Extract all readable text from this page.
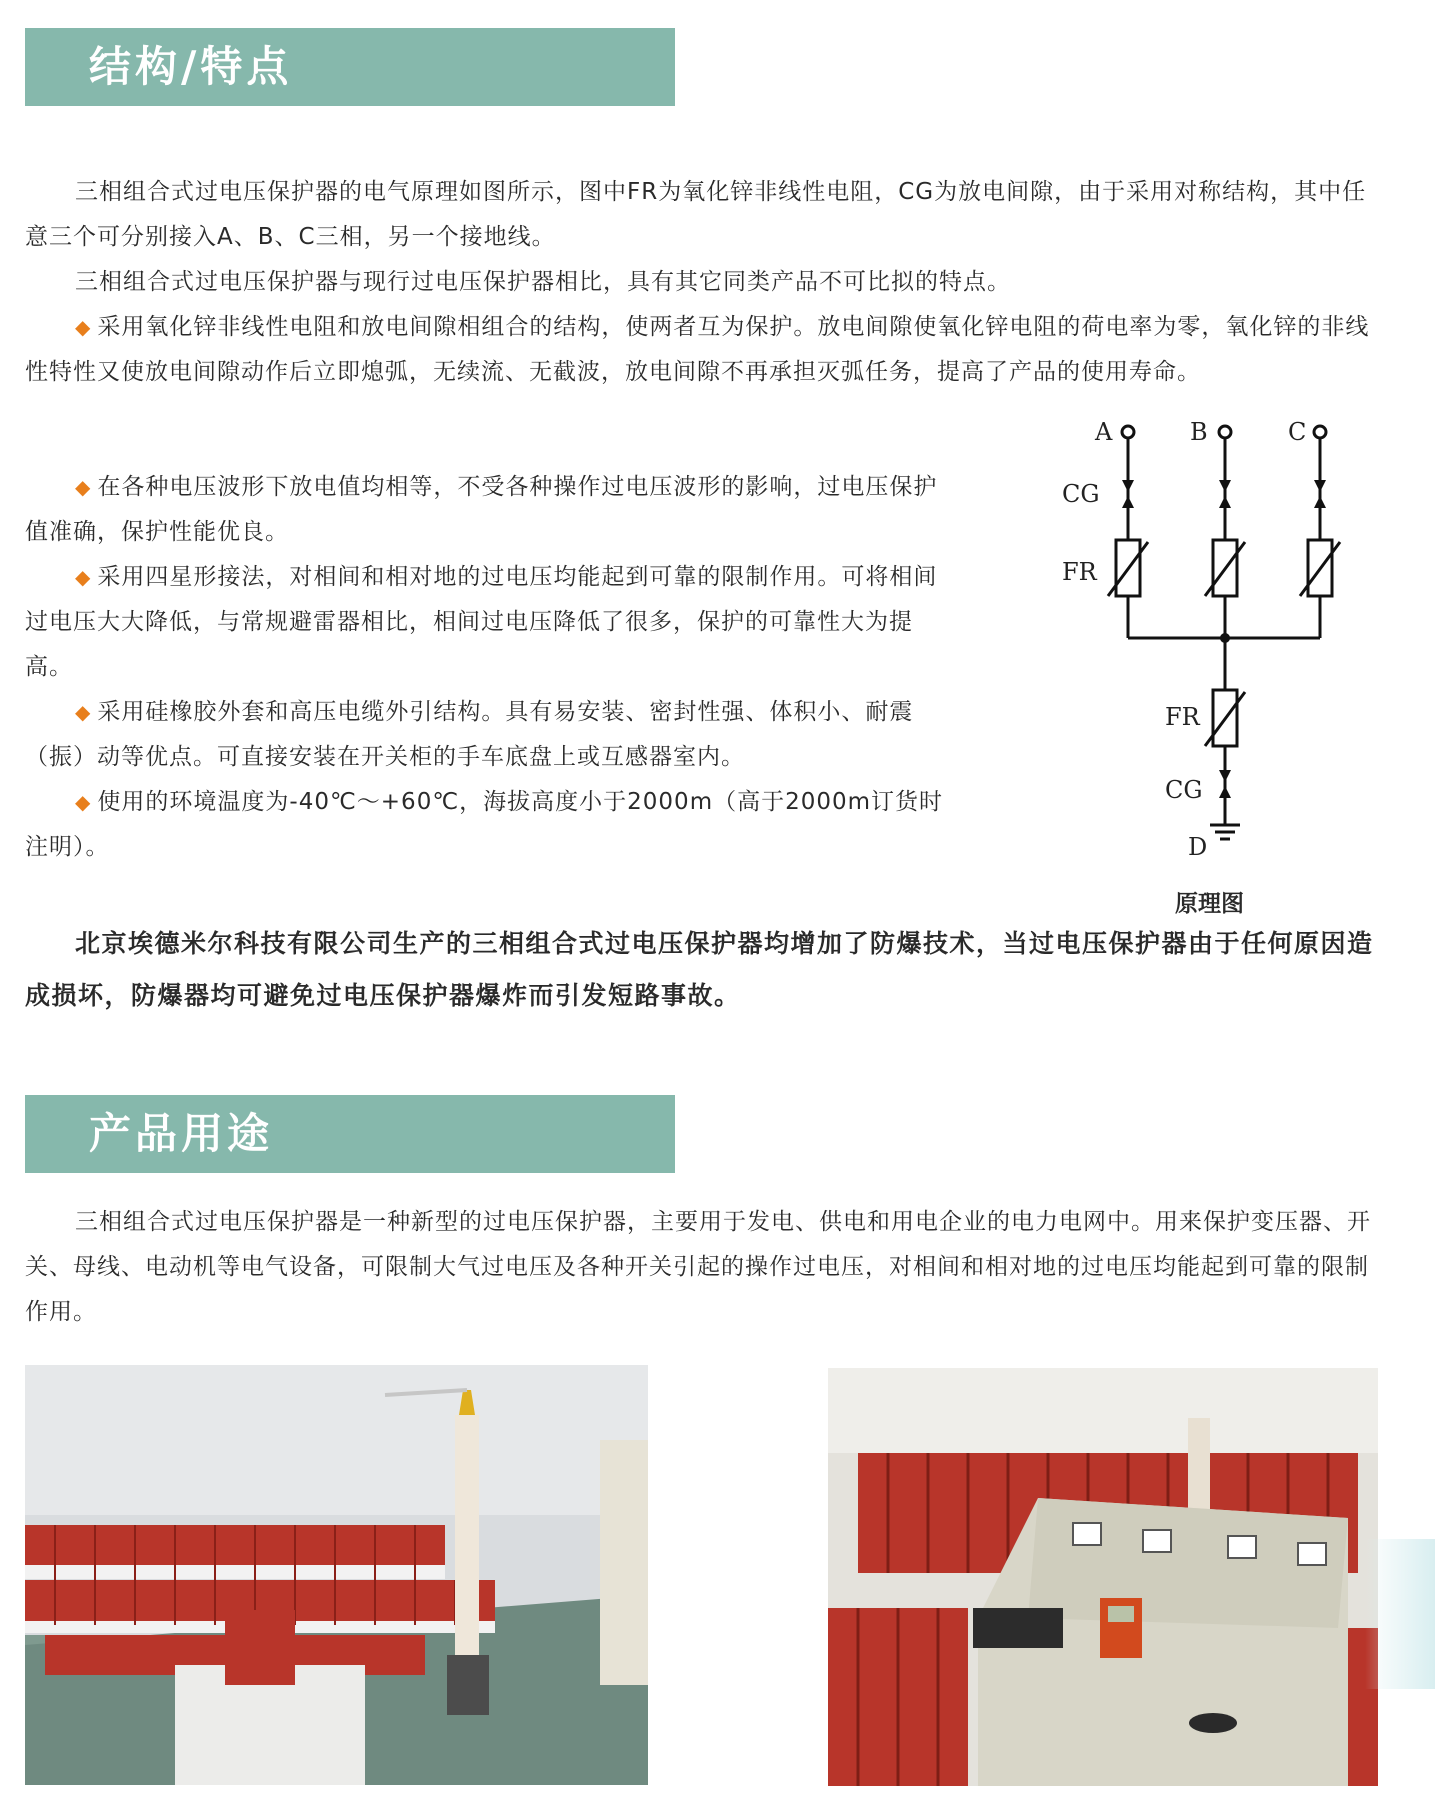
结构/特点

三相组合式过电压保护器的电气原理如图所示，图中FR为氧化锌非线性电阻，CG为放电间隙，由于采用对称结构，其中任意三个可分别接入A、B、C三相，另一个接地线。

三相组合式过电压保护器与现行过电压保护器相比，具有其它同类产品不可比拟的特点。

◆ 采用氧化锌非线性电阻和放电间隙相组合的结构，使两者互为保护。放电间隙使氧化锌电阻的荷电率为零，氧化锌的非线性特性又使放电间隙动作后立即熄弧，无续流、无截波，放电间隙不再承担灭弧任务，提高了产品的使用寿命。

◆ 在各种电压波形下放电值均相等，不受各种操作过电压波形的影响，过电压保护值准确，保护性能优良。

◆ 采用四星形接法，对相间和相对地的过电压均能起到可靠的限制作用。可将相间过电压大大降低，与常规避雷器相比，相间过电压降低了很多，保护的可靠性大为提高。

◆ 采用硅橡胶外套和高压电缆外引结构。具有易安装、密封性强、体积小、耐震（振）动等优点。可直接安装在开关柜的手车底盘上或互感器室内。

◆ 使用的环境温度为-40℃～+60℃，海拔高度小于2000m（高于2000m订货时注明）。

A	B	C
CG
FR
FR
CG
D
原理图

北京埃德米尔科技有限公司生产的三相组合式过电压保护器均增加了防爆技术，当过电压保护器由于任何原因造成损坏，防爆器均可避免过电压保护器爆炸而引发短路事故。

产品用途

三相组合式过电压保护器是一种新型的过电压保护器，主要用于发电、供电和用电企业的电力电网中。用来保护变压器、开关、母线、电动机等电气设备，可限制大气过电压及各种开关引起的操作过电压，对相间和相对地的过电压均能起到可靠的限制作用。
